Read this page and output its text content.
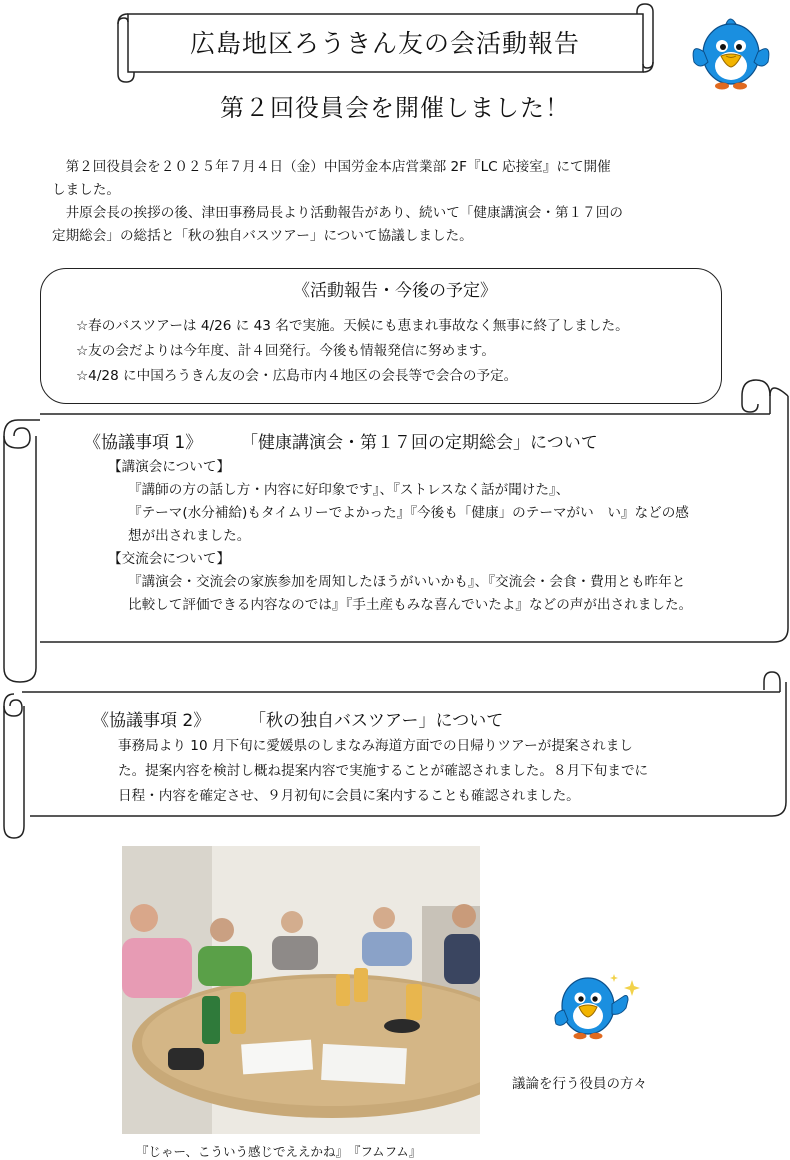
広島地区ろうきん友の会活動報告
第２回役員会を開催しました！
第２回役員会を２０２５年７月４日（金）中国労金本店営業部 2F『LC 応接室』にて開催
しました。
井原会長の挨拶の後、津田事務局長より活動報告があり、続いて「健康講演会・第１７回の
定期総会」の総括と「秋の独自バスツアー」について協議しました。
《活動報告・今後の予定》
☆春のバスツアーは 4/26 に 43 名で実施。天候にも恵まれ事故なく無事に終了しました。
☆友の会だよりは今年度、計４回発行。今後も情報発信に努めます。
☆4/28 に中国ろうきん友の会・広島市内４地区の会長等で会合の予定。
《協議事項 1》 「健康講演会・第１７回の定期総会」について
【講演会について】
『講師の方の話し方・内容に好印象です』、『ストレスなく話が聞けた』、
『テーマ(水分補給)もタイムリーでよかった』『今後も「健康」のテーマがい　い』などの感
想が出されました。
【交流会について】
『講演会・交流会の家族参加を周知したほうがいいかも』、『交流会・会食・費用とも昨年と
比較して評価できる内容なのでは』『手土産もみな喜んでいたよ』などの声が出されました。
《協議事項 2》 「秋の独自バスツアー」について
事務局より 10 月下旬に愛媛県のしまなみ海道方面での日帰りツアーが提案されまし
た。提案内容を検討し概ね提案内容で実施することが確認されました。８月下旬までに
日程・内容を確定させ、９月初旬に会員に案内することも確認されました。
『じゃー、こういう感じでええかね』　『フムフム』
議論を行う役員の方々
